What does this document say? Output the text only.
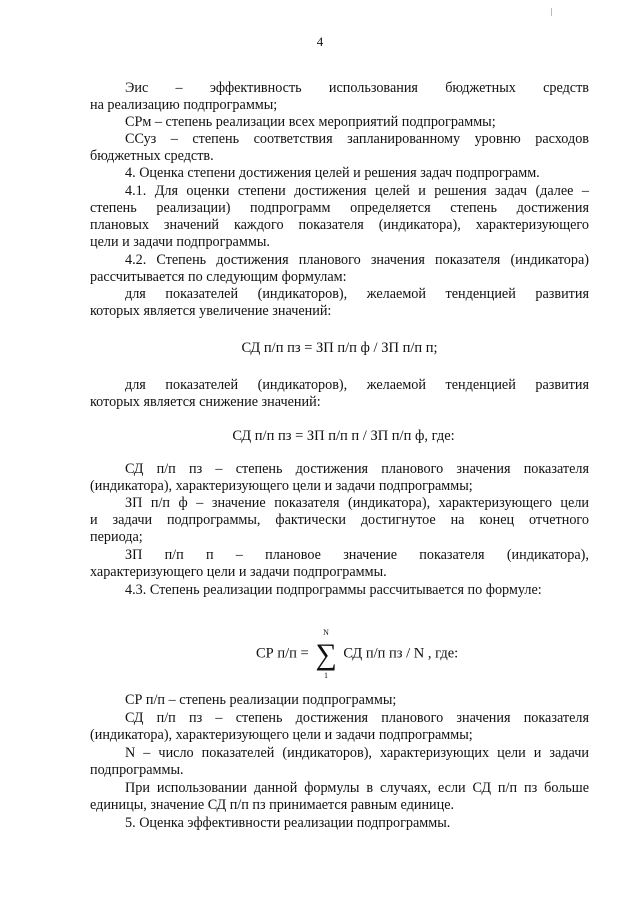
4
Эис – эффективность использования бюджетных средств
на реализацию подпрограммы;
СРм – степень реализации всех мероприятий подпрограммы;
ССуз – степень соответствия запланированному уровню расходов
бюджетных средств.
4. Оценка степени достижения целей и решения задач подпрограмм.
4.1. Для оценки степени достижения целей и решения задач (далее –
степень реализации) подпрограмм определяется степень достижения
плановых значений каждого показателя (индикатора), характеризующего
цели и задачи подпрограммы.
4.2. Степень достижения планового значения показателя (индикатора)
рассчитывается по следующим формулам:
для показателей (индикаторов), желаемой тенденцией развития
которых является увеличение значений:
СД п/п пз = ЗП п/п ф / ЗП п/п п;
для показателей (индикаторов), желаемой тенденцией развития
которых является снижение значений:
СД п/п пз = ЗП п/п п / ЗП п/п ф, где:
СД п/п пз – степень достижения планового значения показателя
(индикатора), характеризующего цели и задачи подпрограммы;
ЗП п/п ф – значение показателя (индикатора), характеризующего цели
и задачи подпрограммы, фактически достигнутое на конец отчетного
периода;
ЗП п/п п – плановое значение показателя (индикатора),
характеризующего цели и задачи подпрограммы.
4.3. Степень реализации подпрограммы рассчитывается по формуле:
СР п/п =
N
∑
1
СД п/п пз / N , где:
СР п/п – степень реализации подпрограммы;
СД п/п пз – степень достижения планового значения показателя
(индикатора), характеризующего цели и задачи подпрограммы;
N – число показателей (индикаторов), характеризующих цели и задачи
подпрограммы.
При использовании данной формулы в случаях, если СД п/п пз больше
единицы, значение СД п/п пз принимается равным единице.
5. Оценка эффективности реализации подпрограммы.
